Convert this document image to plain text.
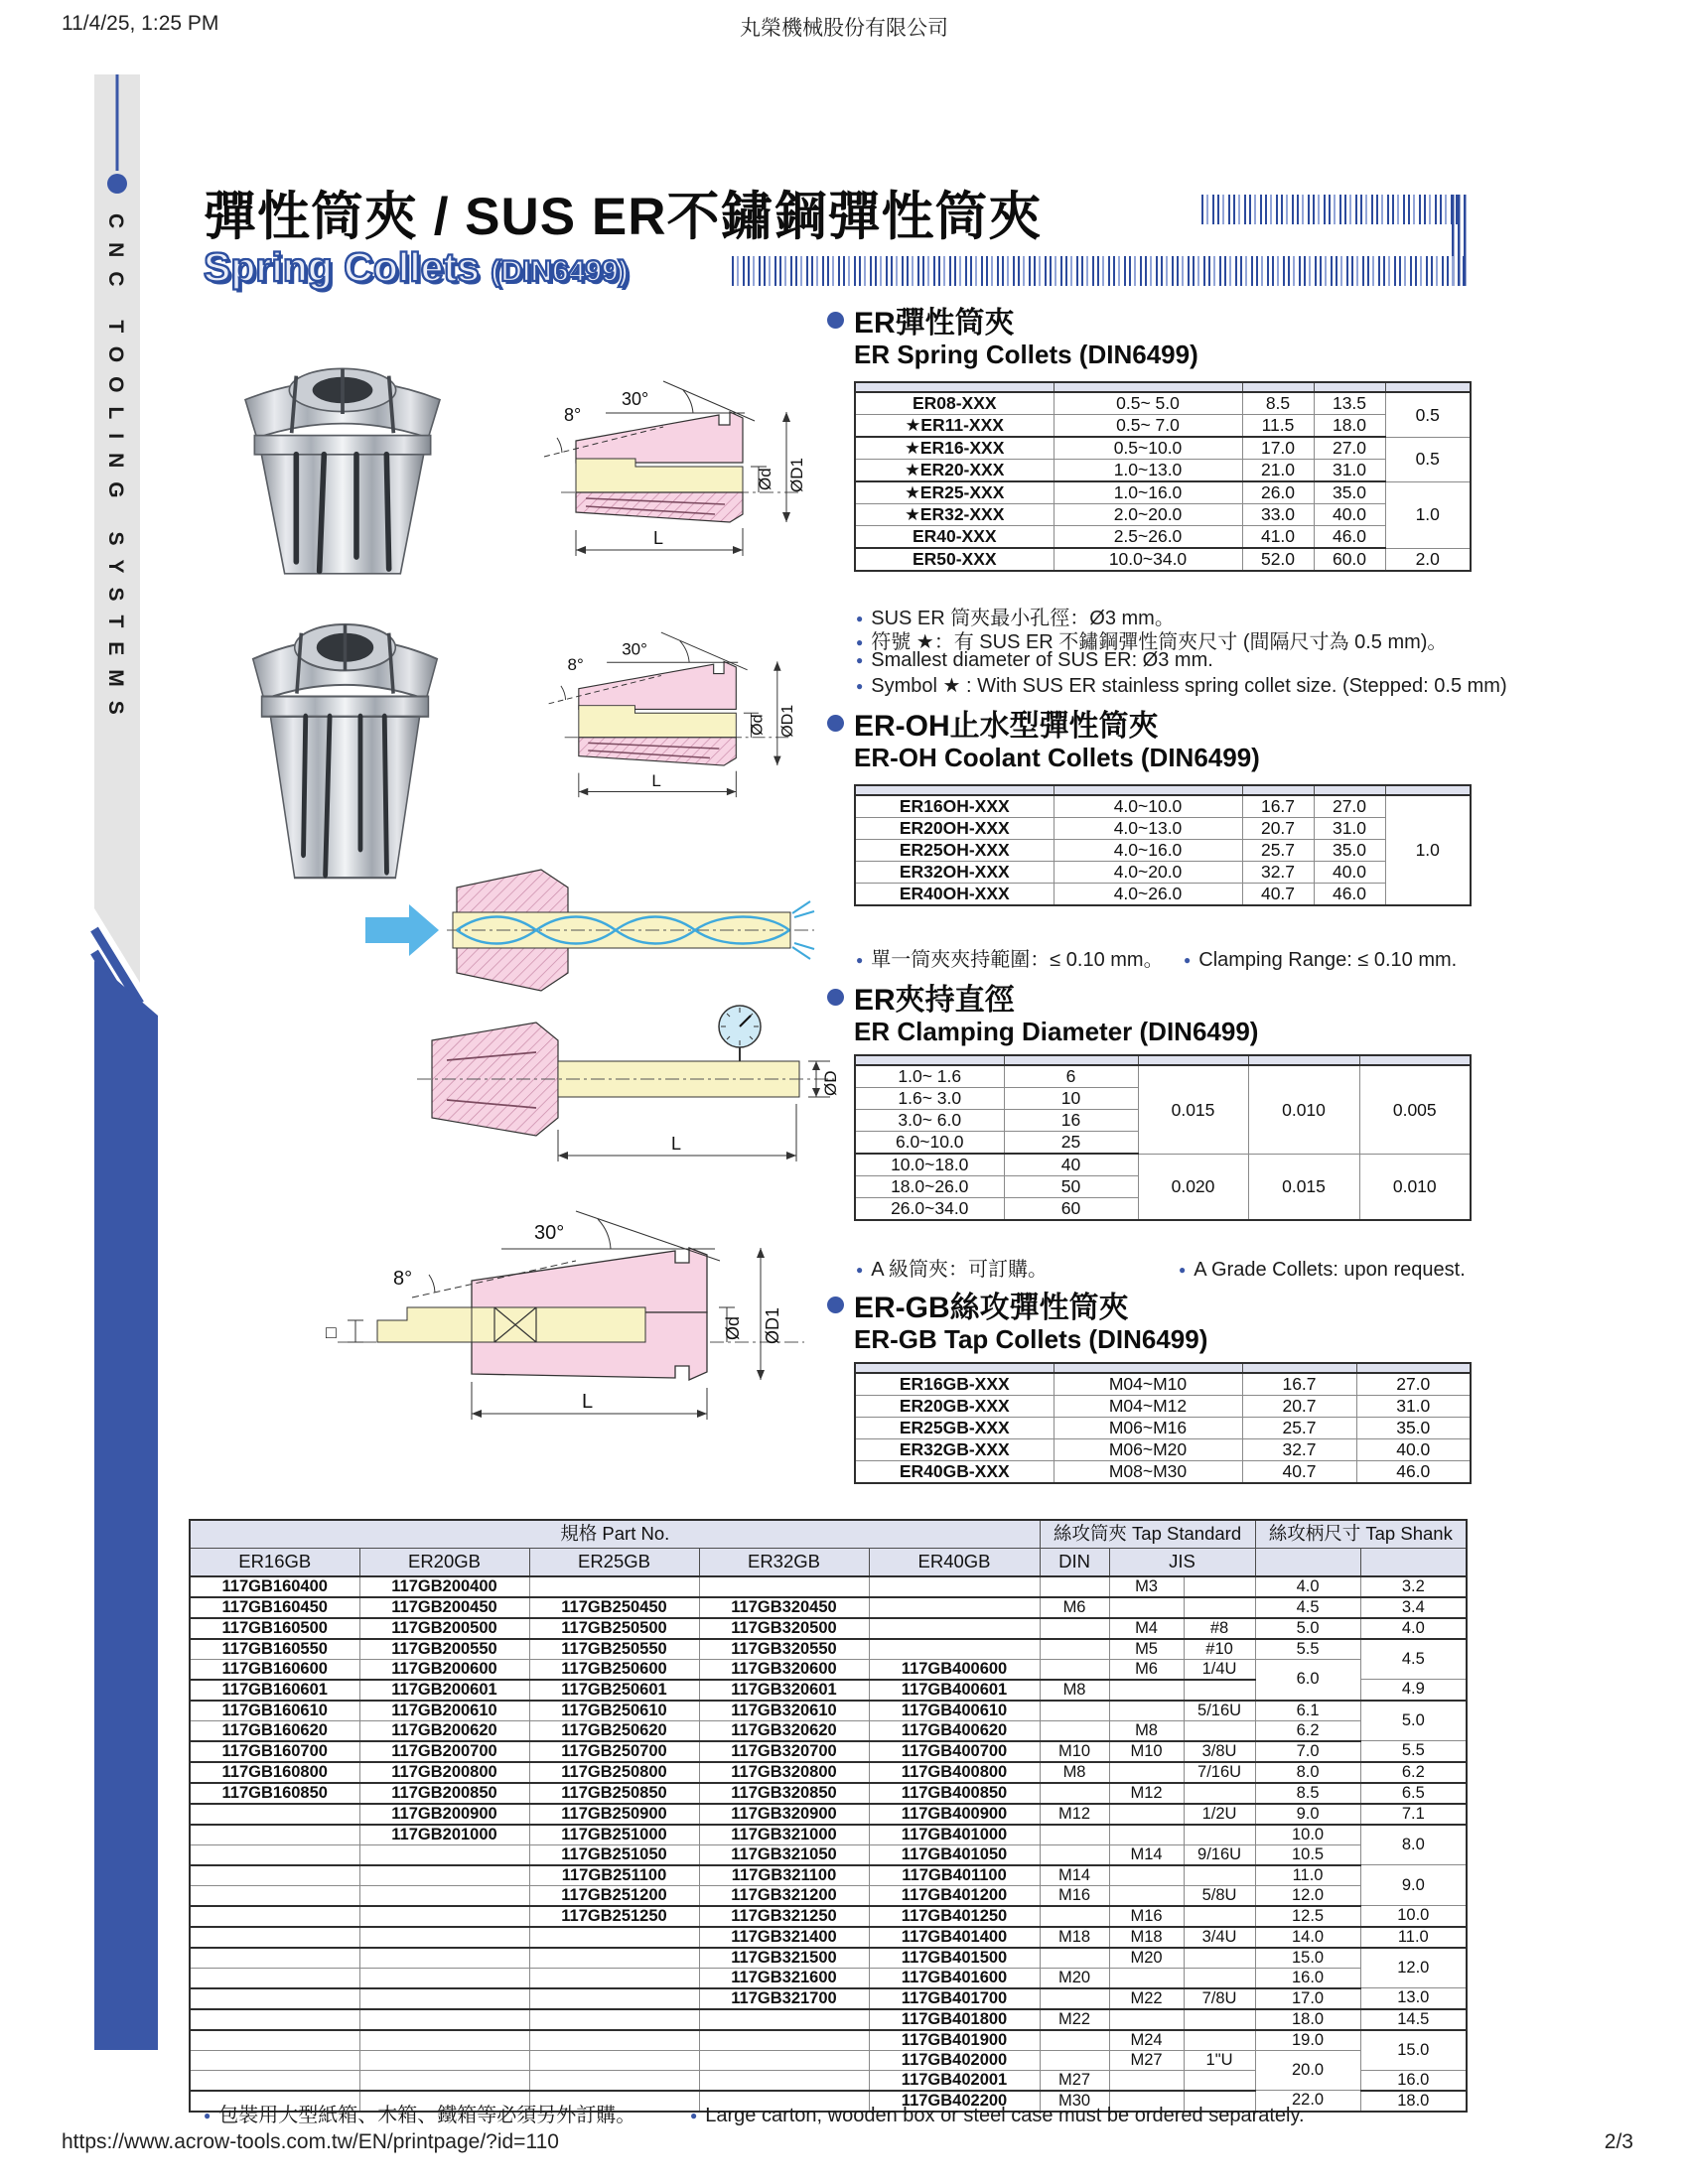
11/4/25, 1:25 PM	丸榮機械股份有限公司
CNC TOOLING SYSTEMS 彈性筒夾 / SUS ER不鏽鋼彈性筒夾
Spring Collets (DIN6499)
30°
8°
Ød ØD1
L
30°
8°
Ød ØD1
L
ØD
L
30°
8°
□	Ød ØD1
L
ER彈性筒夾
ER Spring Collets (DIN6499)

ER08-XXX	0.5~ 5.0	8.5	13.5	0.5
★ER11-XXX	0.5~ 7.0	11.5	18.0	
★ER16-XXX	0.5~10.0	17.0	27.0	0.5
★ER20-XXX	1.0~13.0	21.0	31.0	
★ER25-XXX	1.0~16.0	26.0	35.0	1.0
★ER32-XXX	2.0~20.0	33.0	40.0	
ER40-XXX	2.5~26.0	41.0	46.0	
ER50-XXX	10.0~34.0	52.0	60.0	2.0
● SUS ER 筒夾最小孔徑：Ø3 mm。
● 符號 ★：有 SUS ER 不鏽鋼彈性筒夾尺寸 (間隔尺寸為 0.5 mm)。
● Smallest diameter of SUS ER: Ø3 mm.
● Symbol ★ : With SUS ER stainless spring collet size. (Stepped: 0.5 mm)
ER-OH止水型彈性筒夾
ER-OH Coolant Collets (DIN6499)

ER16OH-XXX	4.0~10.0	16.7	27.0	1.0
ER20OH-XXX	4.0~13.0	20.7	31.0	
ER25OH-XXX	4.0~16.0	25.7	35.0	
ER32OH-XXX	4.0~20.0	32.7	40.0	
ER40OH-XXX	4.0~26.0	40.7	46.0	
● 單一筒夾夾持範圍：≤ 0.10 mm。	● Clamping Range: ≤ 0.10 mm.
ER夾持直徑
ER Clamping Diameter (DIN6499)

1.0~ 1.6	6	0.015	0.010	0.005
1.6~ 3.0	10			
3.0~ 6.0	16			
6.0~10.0	25			
10.0~18.0	40	0.020	0.015	0.010
18.0~26.0	50			
26.0~34.0	60			
● A 級筒夾：可訂購。	● A Grade Collets: upon request.
ER-GB絲攻彈性筒夾
ER-GB Tap Collets (DIN6499)

ER16GB-XXX	M04~M10	16.7	27.0
ER20GB-XXX	M04~M12	20.7	31.0
ER25GB-XXX	M06~M16	25.7	35.0
ER32GB-XXX	M06~M20	32.7	40.0
ER40GB-XXX	M08~M30	40.7	46.0
規格 Part No.					絲攻筒夾 Tap Standard			絲攻柄尺寸 Tap Shank	
ER16GB	ER20GB	ER25GB	ER32GB	ER40GB	DIN	JIS			
117GB160400	117GB200400					M3		4.0	3.2
117GB160450	117GB200450	117GB250450	117GB320450		M6			4.5	3.4
117GB160500	117GB200500	117GB250500	117GB320500			M4	#8	5.0	4.0
117GB160550	117GB200550	117GB250550	117GB320550			M5	#10	5.5	4.5
117GB160600	117GB200600	117GB250600	117GB320600	117GB400600		M6	1/4U	6.0	
117GB160601	117GB200601	117GB250601	117GB320601	117GB400601	M8				4.9
117GB160610	117GB200610	117GB250610	117GB320610	117GB400610			5/16U	6.1	5.0
117GB160620	117GB200620	117GB250620	117GB320620	117GB400620		M8		6.2	
117GB160700	117GB200700	117GB250700	117GB320700	117GB400700	M10	M10	3/8U	7.0	5.5
117GB160800	117GB200800	117GB250800	117GB320800	117GB400800	M8		7/16U	8.0	6.2
117GB160850	117GB200850	117GB250850	117GB320850	117GB400850		M12		8.5	6.5
	117GB200900	117GB250900	117GB320900	117GB400900	M12		1/2U	9.0	7.1
	117GB201000	117GB251000	117GB321000	117GB401000				10.0	8.0
		117GB251050	117GB321050	117GB401050		M14	9/16U	10.5	
		117GB251100	117GB321100	117GB401100	M14			11.0	9.0
		117GB251200	117GB321200	117GB401200	M16		5/8U	12.0	
		117GB251250	117GB321250	117GB401250		M16		12.5	10.0
			117GB321400	117GB401400	M18	M18	3/4U	14.0	11.0
			117GB321500	117GB401500		M20		15.0	12.0
			117GB321600	117GB401600	M20			16.0	
			117GB321700	117GB401700		M22	7/8U	17.0	13.0
				117GB401800	M22			18.0	14.5
				117GB401900		M24		19.0	15.0
				117GB402000		M27	1"U	20.0	
				117GB402001	M27				16.0
				117GB402200	M30			22.0	18.0
● 包裝用大型紙箱、木箱、鐵箱等必須另外訂購。	● Large carton, wooden box or steel case must be ordered separately.
https://www.acrow-tools.com.tw/EN/printpage/?id=110	2/3
